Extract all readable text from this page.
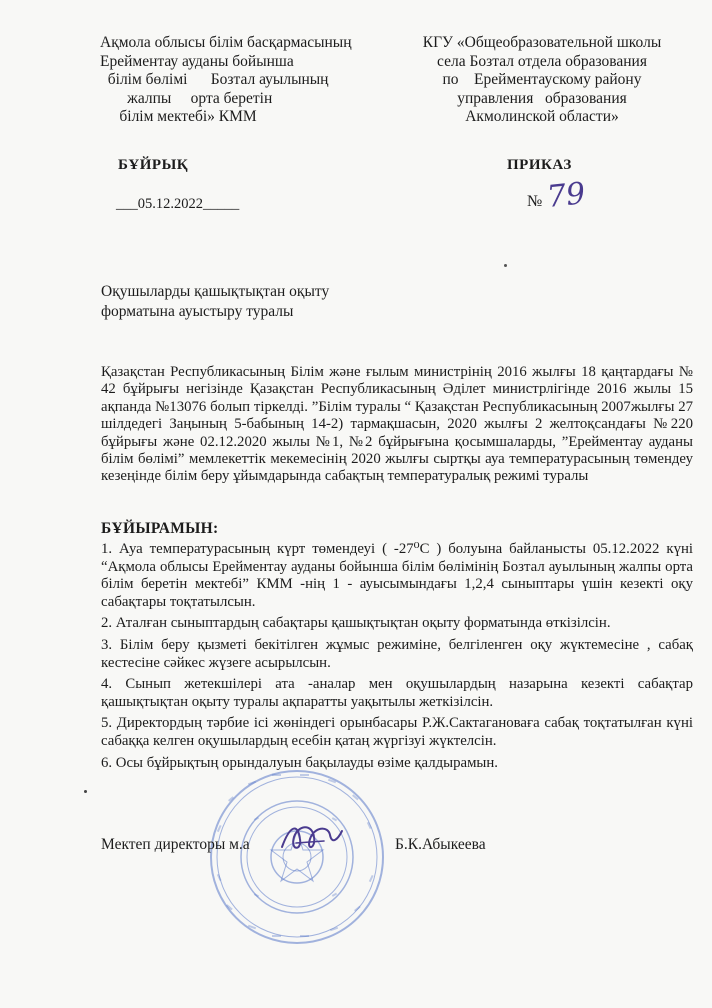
Ақмола облысы білім басқармасының
Ерейментау ауданы бойынша
білім бөлімі      Бозтал ауылының
жалпы     орта беретін
білім мектебі» КММ
КГУ «Общеобразовательной школы
села Бозтал отдела образования
по    Ерейментаускому району
управления   образования
Акмолинской области»
БҰЙРЫҚ	ПРИКАЗ
___05.12.2022_____	№ 79
Оқушыларды қашықтықтан оқыту
форматына ауыстыру туралы
Қазақстан Республикасының Білім және ғылым министрінің 2016 жылғы 18 қаңтардағы № 42 бұйрығы негізінде Қазақстан Республикасының Әділет министрлігінде 2016 жылы 15 ақпанда №13076 болып тіркелді. ”Білім туралы “ Қазақстан Республикасының 2007жылғы 27 шілдедегі Заңының 5-бабының 14-2) тармақшасын, 2020 жылғы 2 желтоқсандағы №220 бұйрығы және 02.12.2020 жылы №1, №2 бұйрығына қосымшаларды, ”Ерейментау ауданы білім бөлімі” мемлекеттік мекемесінің 2020 жылғы сыртқы ауа температурасының төмендеу кезеңінде білім беру ұйымдарында сабақтың температуралық режимі туралы
БҰЙЫРАМЫН:

1. Ауа температурасының күрт төмендеуі ( -27⁰С ) болуына байланысты 05.12.2022 күні “Ақмола облысы Ерейментау ауданы бойынша білім бөлімінің Бозтал ауылының жалпы орта білім беретін мектебі” КММ -нің 1 - ауысымындағы 1,2,4 сыныптары үшін кезекті оқу сабақтары тоқтатылсын.

2. Аталған сыныптардың сабақтары қашықтықтан оқыту форматында өткізілсін.

3. Білім беру қызметі бекітілген жұмыс режиміне, белгіленген оқу жүктемесіне , сабақ кестесіне сәйкес жүзеге асырылсын.

4. Сынып жетекшілері ата -аналар мен оқушылардың назарына кезекті сабақтар қашықтықтан оқыту туралы ақпаратты уақытылы жеткізілсін.

5. Директордың тәрбие ісі жөніндегі орынбасары Р.Ж.Сактагановаға сабақ тоқтатылған күні сабаққа келген оқушылардың есебін қатаң жүргізуі жүктелсін.

6. Осы бұйрықтың орындалуын бақылауды өзіме қалдырамын.

Мектеп директоры м.а	Б.К.Абыкеева
